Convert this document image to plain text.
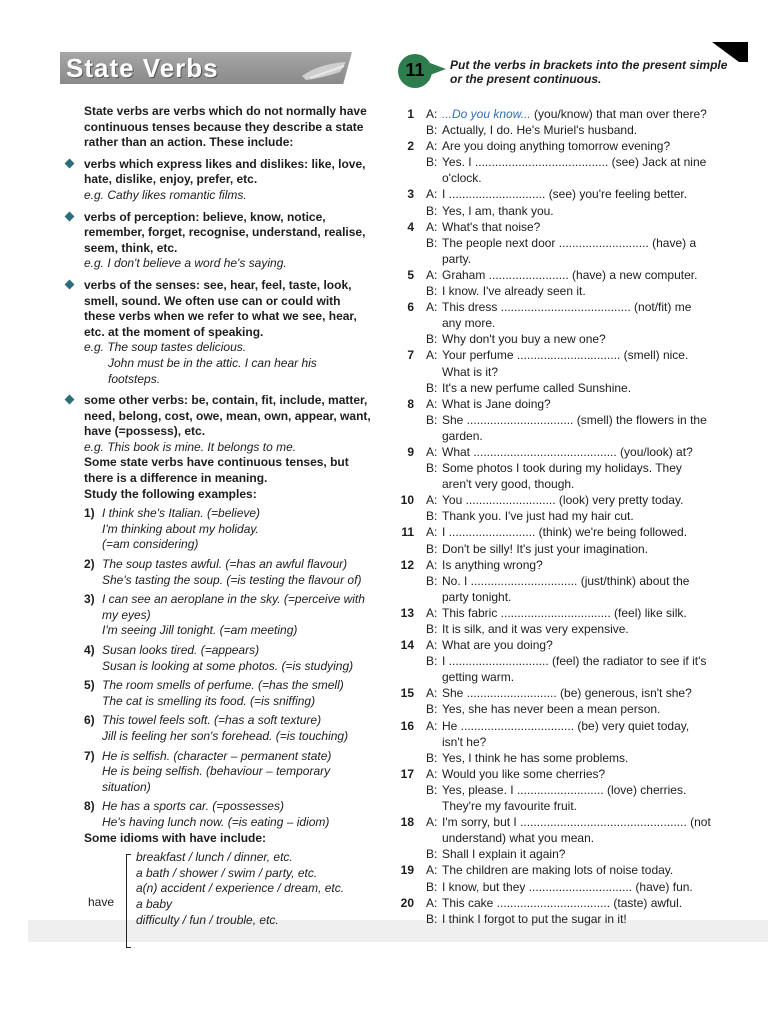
State Verbs

State verbs are verbs which do not normally have continuous tenses because they describe a state rather than an action. These include:

verbs which express likes and dislikes: like, love, hate, dislike, enjoy, prefer, etc.
e.g. Cathy likes romantic films.
verbs of perception: believe, know, notice, remember, forget, recognise, understand, realise, seem, think, etc.
e.g. I don't believe a word he's saying.
verbs of the senses: see, hear, feel, taste, look, smell, sound. We often use can or could with these verbs when we refer to what we see, hear, etc. at the moment of speaking.
e.g. The soup tastes delicious.
John must be in the attic. I can hear his footsteps.
some other verbs: be, contain, fit, include, matter, need, belong, cost, owe, mean, own, appear, want, have (=possess), etc.
e.g. This book is mine. It belongs to me.

Some state verbs have continuous tenses, but there is a difference in meaning.

Study the following examples:

1) I think she's Italian. (=believe)
I'm thinking about my holiday.
(=am considering)
2) The soup tastes awful. (=has an awful flavour)
She's tasting the soup. (=is testing the flavour of)
3) I can see an aeroplane in the sky. (=perceive with my eyes)
I'm seeing Jill tonight. (=am meeting)
4) Susan looks tired. (=appears)
Susan is looking at some photos. (=is studying)
5) The room smells of perfume. (=has the smell)
The cat is smelling its food. (=is sniffing)
6) This towel feels soft. (=has a soft texture)
Jill is feeling her son's forehead. (=is touching)
7) He is selfish. (character – permanent state)
He is being selfish. (behaviour – temporary situation)
8) He has a sports car. (=possesses)
He's having lunch now. (=is eating – idiom)

Some idioms with have include:

have
breakfast / lunch / dinner, etc.
a bath / shower / swim / party, etc.
a(n) accident / experience / dream, etc.
a baby
difficulty / fun / trouble, etc.
11	Put the verbs in brackets into the present simple or the present continuous.
1 A: ...Do you know... (you/know) that man over there?
B: Actually, I do. He's Muriel's husband.
2 A: Are you doing anything tomorrow evening?
B: Yes. I ........................................ (see) Jack at nine o'clock.
3 A: I ............................. (see) you're feeling better.
B: Yes, I am, thank you.
4 A: What's that noise?
B: The people next door ........................... (have) a party.
5 A: Graham ........................ (have) a new computer.
B: I know. I've already seen it.
6 A: This dress ....................................... (not/fit) me any more.
B: Why don't you buy a new one?
7 A: Your perfume ............................... (smell) nice. What is it?
B: It's a new perfume called Sunshine.
8 A: What is Jane doing?
B: She ................................ (smell) the flowers in the garden.
9 A: What ........................................... (you/look) at?
B: Some photos I took during my holidays. They aren't very good, though.
10 A: You ........................... (look) very pretty today.
B: Thank you. I've just had my hair cut.
11 A: I .......................... (think) we're being followed.
B: Don't be silly! It's just your imagination.
12 A: Is anything wrong?
B: No. I ................................ (just/think) about the party tonight.
13 A: This fabric ................................. (feel) like silk.
B: It is silk, and it was very expensive.
14 A: What are you doing?
B: I .............................. (feel) the radiator to see if it's getting warm.
15 A: She ........................... (be) generous, isn't she?
B: Yes, she has never been a mean person.
16 A: He .................................. (be) very quiet today, isn't he?
B: Yes, I think he has some problems.
17 A: Would you like some cherries?
B: Yes, please. I .......................... (love) cherries. They're my favourite fruit.
18 A: I'm sorry, but I .................................................. (not understand) what you mean.
B: Shall I explain it again?
19 A: The children are making lots of noise today.
B: I know, but they ............................... (have) fun.
20 A: This cake .................................. (taste) awful.
B: I think I forgot to put the sugar in it!
